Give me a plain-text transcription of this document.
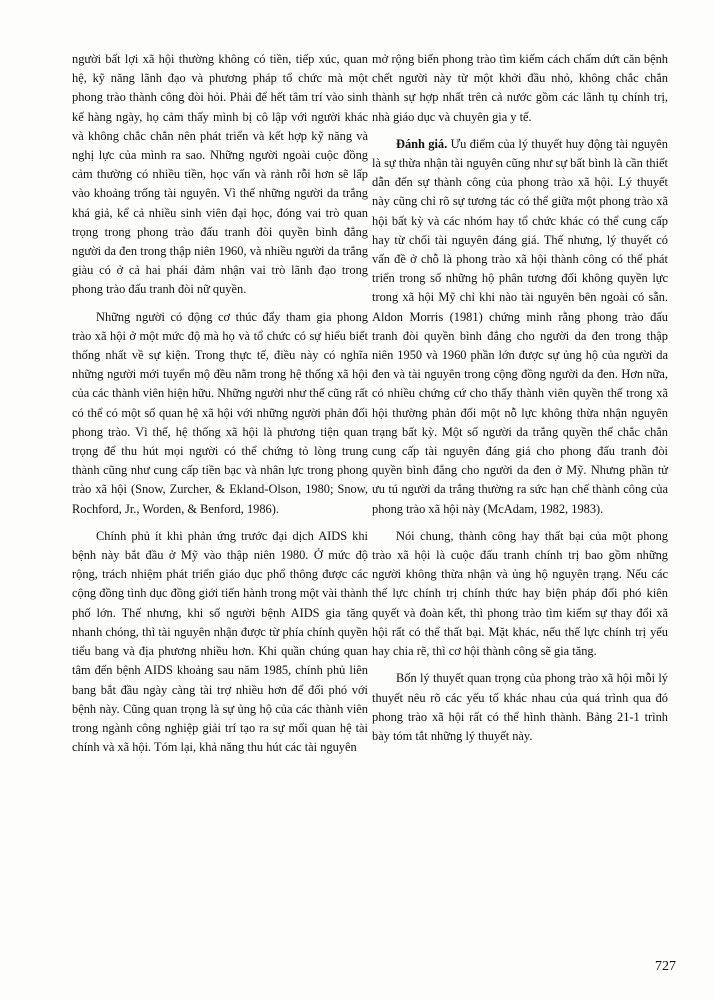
người bất lợi xã hội thường không có tiền, tiếp xúc, quan hệ, kỹ năng lãnh đạo và phương pháp tổ chức mà một phong trào thành công đòi hỏi. Phải để hết tâm trí vào sinh kế hàng ngày, họ cảm thấy mình bị cô lập với người khác và không chắc chắn nên phát triển và kết hợp kỹ năng và nghị lực của mình ra sao. Những người ngoài cuộc đồng cảm thường có nhiều tiền, học vấn và rảnh rỗi hơn sẽ lấp vào khoảng trống tài nguyên. Vì thế những người da trắng khá giả, kể cả nhiều sinh viên đại học, đóng vai trò quan trọng trong phong trào đấu tranh đòi quyền bình đẳng người da đen trong thập niên 1960, và nhiều người da trắng giàu có ở cả hai phái đảm nhận vai trò lãnh đạo trong phong trào đấu tranh đòi nữ quyền.

Những người có động cơ thúc đẩy tham gia phong trào xã hội ở một mức độ mà họ và tổ chức có sự hiểu biết thống nhất về sự kiện. Trong thực tế, điều này có nghĩa những người mới tuyển mộ đều nằm trong hệ thống xã hội của các thành viên hiện hữu. Những người như thế cũng rất có thể có một số quan hệ xã hội với những người phản đối phong trào. Vì thế, hệ thống xã hội là phương tiện quan trọng để thu hút mọi người có thể chứng tỏ lòng trung thành cũng như cung cấp tiền bạc và nhân lực trong phong trào xã hội (Snow, Zurcher, & Ekland-Olson, 1980; Snow, Rochford, Jr., Worden, & Benford, 1986).

Chính phủ ít khi phản ứng trước đại dịch AIDS khi bệnh này bắt đầu ở Mỹ vào thập niên 1980. Ở mức độ rộng, trách nhiệm phát triển giáo dục phổ thông được các cộng đồng tình dục đồng giới tiến hành trong một vài thành phố lớn. Thế nhưng, khi số người bệnh AIDS gia tăng nhanh chóng, thì tài nguyên nhận được từ phía chính quyền tiểu bang và địa phương nhiều hơn. Khi quần chúng quan tâm đến bệnh AIDS khoảng sau năm 1985, chính phủ liên bang bắt đầu ngày càng tài trợ nhiều hơn để đối phó với bệnh này. Cũng quan trọng là sự ủng hộ của các thành viên trong ngành công nghiệp giải trí tạo ra sự mối quan hệ tài chính và xã hội. Tóm lại, khả năng thu hút các tài nguyên

mở rộng biến phong trào tìm kiếm cách chấm dứt căn bệnh chết người này từ một khởi đầu nhỏ, không chắc chắn thành sự hợp nhất trên cả nước gồm các lãnh tụ chính trị, nhà giáo dục và chuyên gia y tế.

Đánh giá. Ưu điểm của lý thuyết huy động tài nguyên là sự thừa nhận tài nguyên cũng như sự bất bình là cần thiết dẫn đến sự thành công của phong trào xã hội. Lý thuyết này cũng chỉ rõ sự tương tác có thể giữa một phong trào xã hội bất kỳ và các nhóm hay tổ chức khác có thể cung cấp hay từ chối tài nguyên đáng giá. Thế nhưng, lý thuyết có vấn đề ở chỗ là phong trào xã hội thành công có thể phát triển trong số những hộ phân tương đối không quyền lực trong xã hội Mỹ chỉ khi nào tài nguyên bên ngoài có sẵn. Aldon Morris (1981) chứng minh rằng phong trào đấu tranh đòi quyền bình đẳng cho người da đen trong thập niên 1950 và 1960 phần lớn được sự ủng hộ của người da đen và tài nguyên trong cộng đồng người da đen. Hơn nữa, có nhiều chứng cứ cho thấy thành viên quyền thế trong xã hội thường phản đối một nỗ lực không thừa nhận nguyên trạng bất kỳ. Một số người da trắng quyền thế chắc chắn cung cấp tài nguyên đáng giá cho phong đấu tranh đòi quyền bình đẳng cho người da đen ở Mỹ. Nhưng phần tử ưu tú người da trắng thường ra sức hạn chế thành công của phong trào xã hội này (McAdam, 1982, 1983).

Nói chung, thành công hay thất bại của một phong trào xã hội là cuộc đấu tranh chính trị bao gồm những người không thừa nhận và ủng hộ nguyên trạng. Nếu các thế lực chính trị chính thức hay biện pháp đối phó kiên quyết và đoàn kết, thì phong trào tìm kiếm sự thay đổi xã hội rất có thể thất bại. Mặt khác, nếu thế lực chính trị yếu hay chia rẽ, thì cơ hội thành công sẽ gia tăng.

Bốn lý thuyết quan trọng của phong trào xã hội mỗi lý thuyết nêu rõ các yếu tố khác nhau của quá trình qua đó phong trào xã hội rất có thể hình thành. Bảng 21-1 trình bày tóm tắt những lý thuyết này.

727
